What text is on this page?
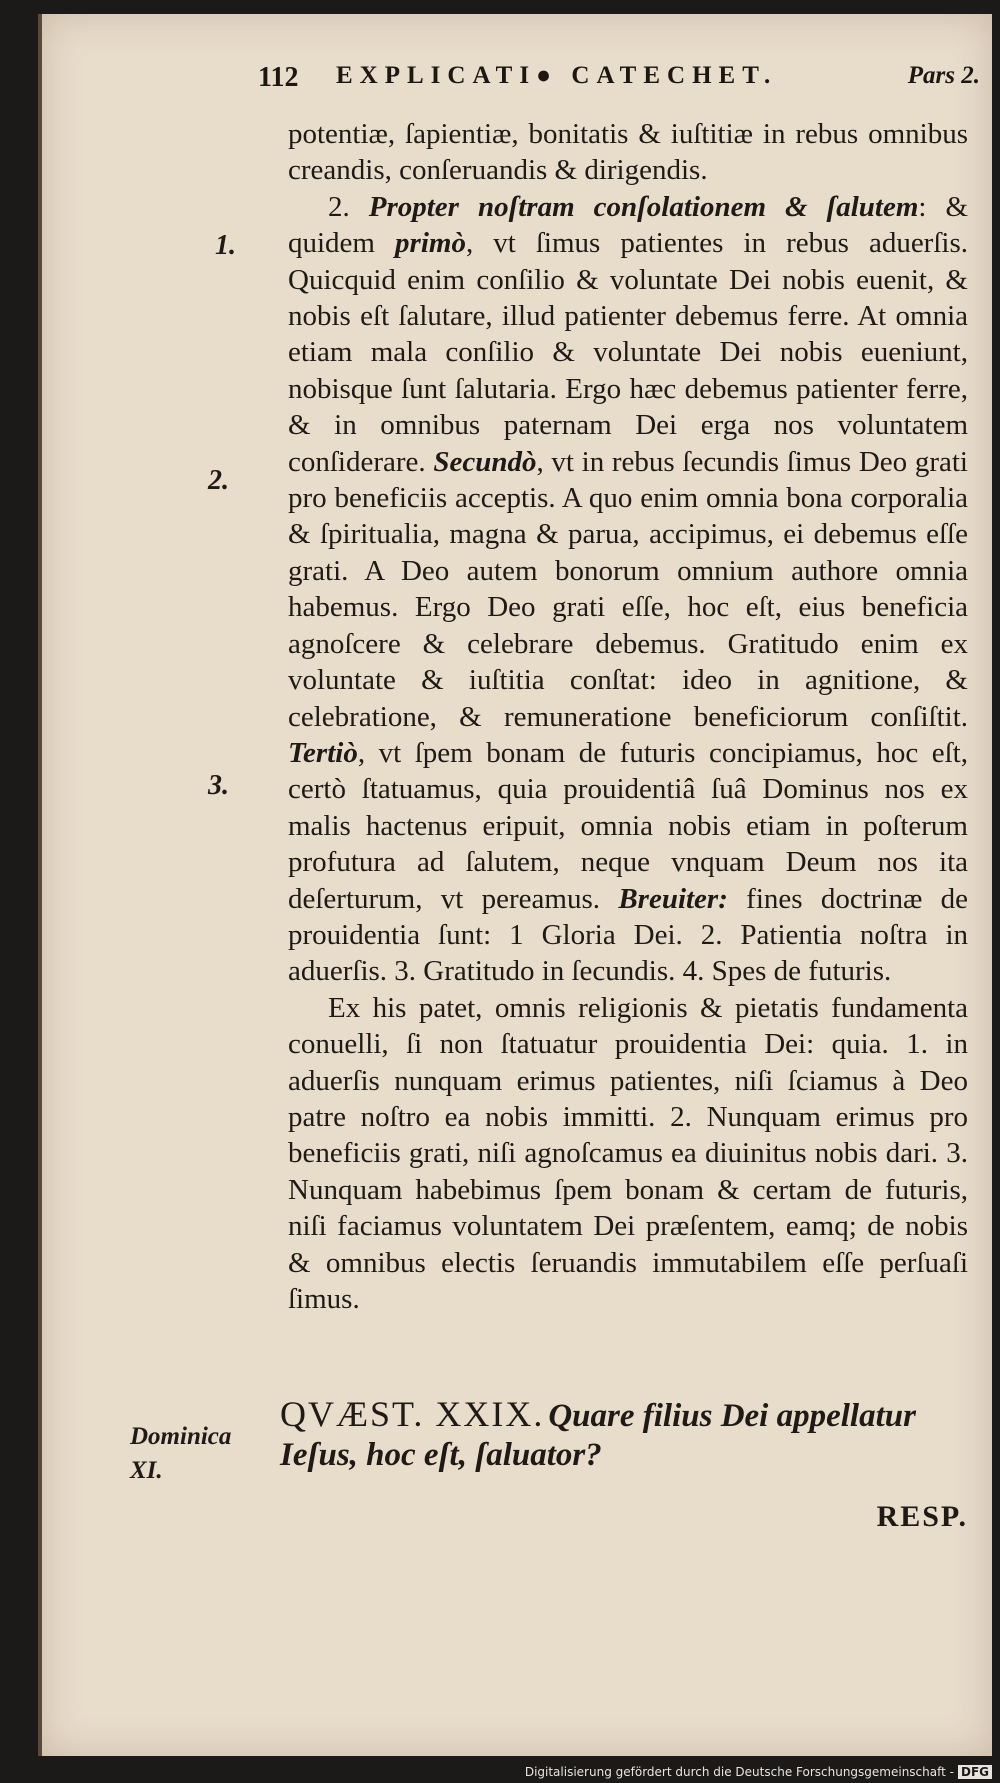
112 EXPLICATI● CATECHET.	Pars 2.

potentiæ, ſapientiæ, bonitatis & iuſtitiæ in rebus omnibus creandis, conſeruandis & dirigendis.

2. Propter noſtram conſolationem & ſalutem: & quidem primò, vt ſimus patientes in rebus aduerſis. Quicquid enim conſilio & voluntate Dei nobis euenit, & nobis eſt ſalutare, illud patienter debemus ferre. At omnia etiam mala conſilio & voluntate Dei nobis eueniunt, nobisque ſunt ſalutaria. Ergo hæc debemus patienter ferre, & in omnibus paternam Dei erga nos voluntatem conſiderare. Secundò, vt in rebus ſecundis ſimus Deo grati pro beneficiis acceptis. A quo enim omnia bona corporalia & ſpiritualia, magna & parua, accipimus, ei debemus eſſe grati. A Deo autem bonorum omnium authore omnia habemus. Ergo Deo grati eſſe, hoc eſt, eius beneficia agnoſcere & celebrare debemus. Gratitudo enim ex voluntate & iuſtitia conſtat: ideo in agnitione, & celebratione, & remuneratione beneficiorum conſiſtit. Tertiò, vt ſpem bonam de futuris concipiamus, hoc eſt, certò ſtatuamus, quia prouidentiâ ſuâ Dominus nos ex malis hactenus eripuit, omnia nobis etiam in poſterum profutura ad ſalutem, neque vnquam Deum nos ita deſerturum, vt pereamus. Breuiter: fines doctrinæ de prouidentia ſunt: 1 Gloria Dei. 2. Patientia noſtra in aduerſis. 3. Gratitudo in ſecundis. 4. Spes de futuris.

Ex his patet, omnis religionis & pietatis fundamenta conuelli, ſi non ſtatuatur prouidentia Dei: quia. 1. in aduerſis nunquam erimus patientes, niſi ſciamus à Deo patre noſtro ea nobis immitti. 2. Nunquam erimus pro beneficiis grati, niſi agnoſcamus ea diuinitus nobis dari. 3. Nunquam habebimus ſpem bonam & certam de futuris, niſi faciamus voluntatem Dei præſentem, eamq; de nobis & omnibus electis ſeruandis immutabilem eſſe perſuaſi ſimus.

1.
2.
3.
Dominica
XI.
QVÆST. XXIX. Quare filius Dei appellatur
Ieſus, hoc eſt, ſaluator?
RESP.
Digitalisierung gefördert durch die Deutsche Forschungsgemeinschaft - DFG
